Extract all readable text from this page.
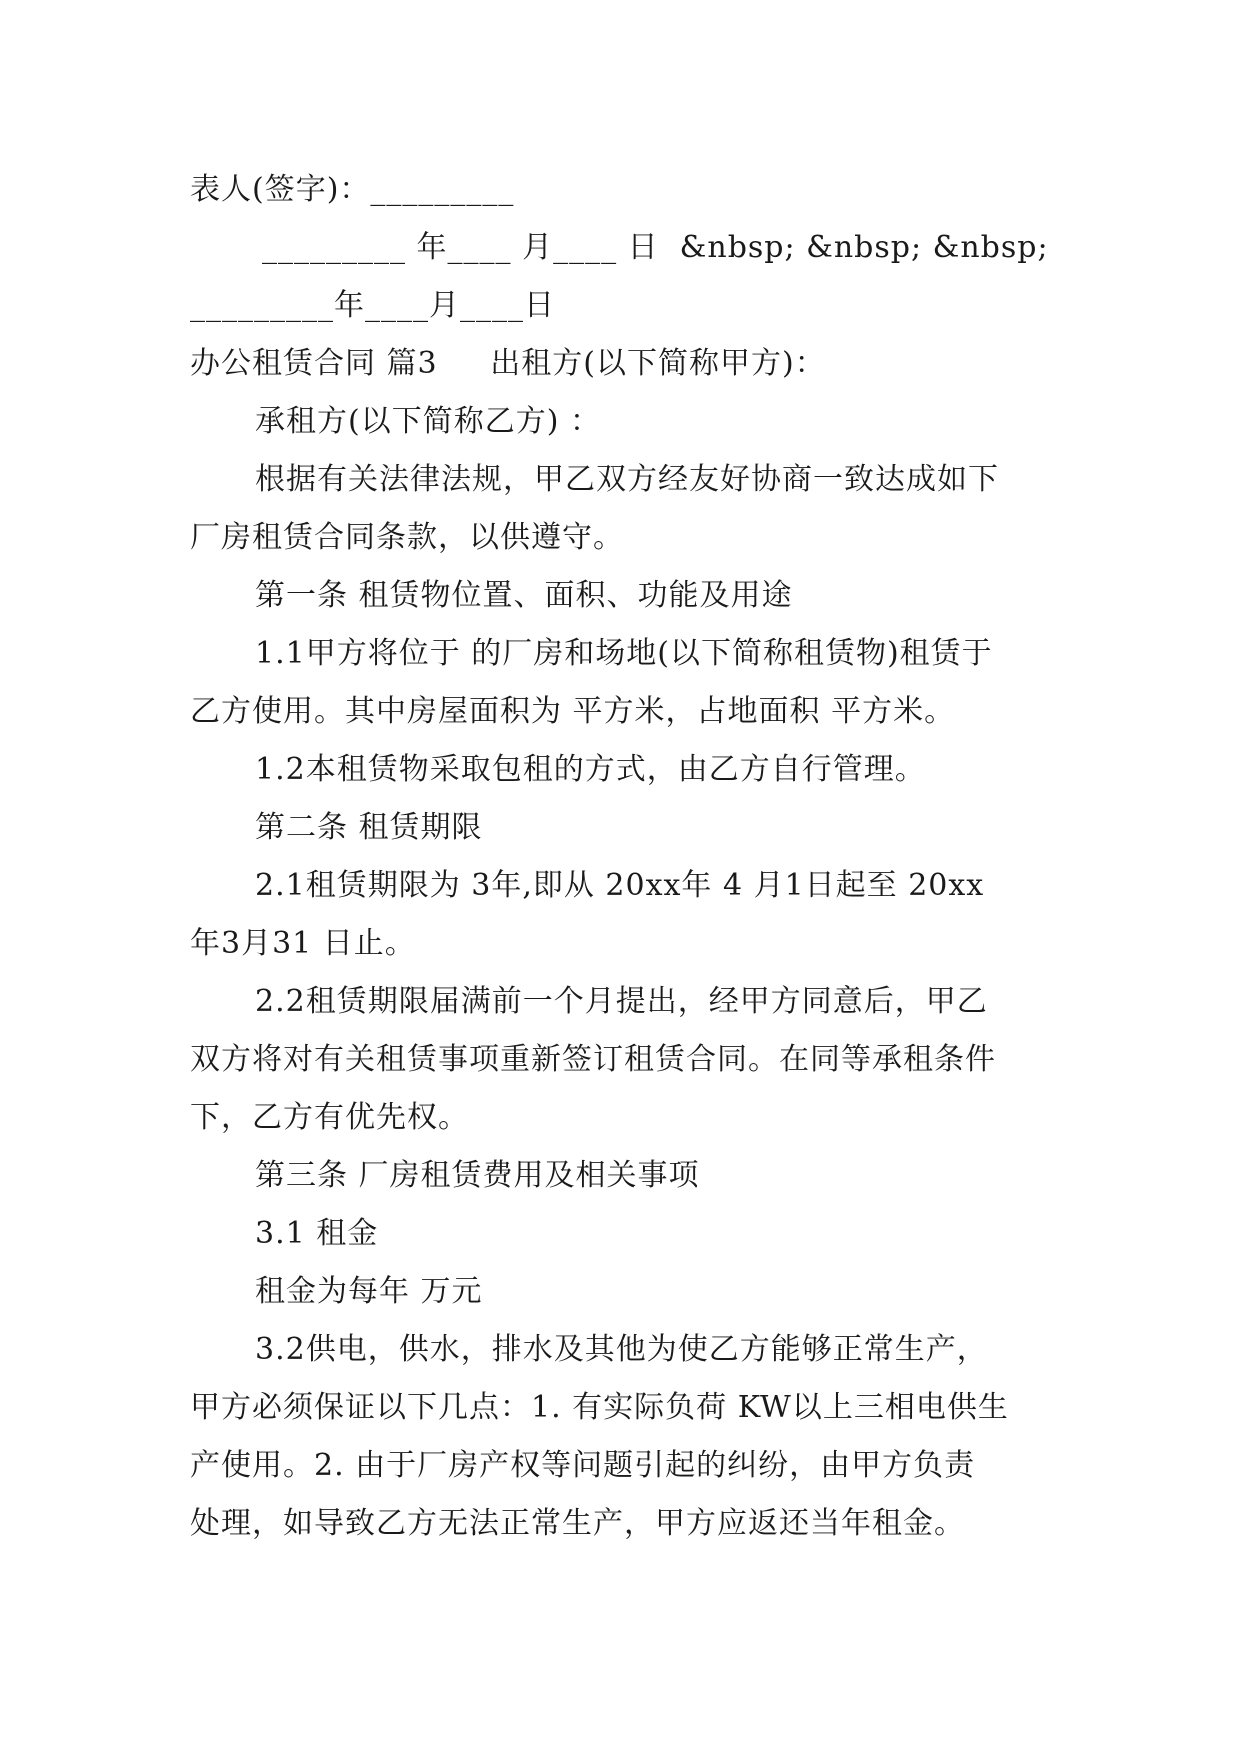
表人(签字)：_________
_________ 年____ 月____ 日  &nbsp; &nbsp; &nbsp;
_________年____月____日
办公租赁合同 篇3     出租方(以下简称甲方)：
承租方(以下简称乙方) ：
根据有关法律法规，甲乙双方经友好协商一致达成如下
厂房租赁合同条款，以供遵守。
第一条 租赁物位置、面积、功能及用途
1.1甲方将位于 的厂房和场地(以下简称租赁物)租赁于
乙方使用。其中房屋面积为 平方米，占地面积 平方米。
1.2本租赁物采取包租的方式，由乙方自行管理。
第二条 租赁期限
2.1租赁期限为 3年,即从 20xx年 4 月1日起至 20xx
年3月31 日止。
2.2租赁期限届满前一个月提出，经甲方同意后，甲乙
双方将对有关租赁事项重新签订租赁合同。在同等承租条件
下，乙方有优先权。
第三条 厂房租赁费用及相关事项
3.1 租金
租金为每年 万元
3.2供电，供水，排水及其他为使乙方能够正常生产，
甲方必须保证以下几点：1. 有实际负荷 KW以上三相电供生
产使用。2. 由于厂房产权等问题引起的纠纷，由甲方负责
处理，如导致乙方无法正常生产，甲方应返还当年租金。
